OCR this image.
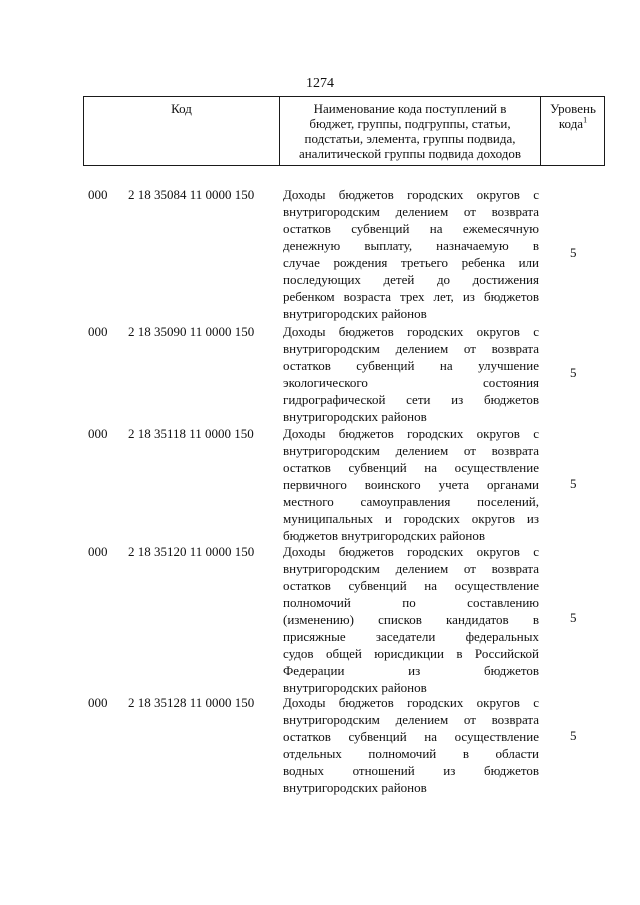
1274
Код	Наименование кода поступлений в
бюджет, группы, подгруппы, статьи,
подстатьи, элемента, группы подвида,
аналитической группы подвида доходов
Уровень
кода$^1$
000 2 18 35084 11 0000 150 Доходы бюджетов городских округов с
внутригородским делением от возврата
остатков субвенций на ежемесячную
денежную выплату, назначаемую в
случае рождения третьего ребенка или
последующих детей до достижения
ребенком возраста трех лет, из бюджетов
внутригородских районов
5
000 2 18 35090 11 0000 150 Доходы бюджетов городских округов с
внутригородским делением от возврата
остатков субвенций на улучшение
экологического состояния
гидрографической сети из бюджетов
внутригородских районов
5
000 2 18 35118 11 0000 150 Доходы бюджетов городских округов с
внутригородским делением от возврата
остатков субвенций на осуществление
первичного воинского учета органами
местного самоуправления поселений,
муниципальных и городских округов из
бюджетов внутригородских районов
5
000 2 18 35120 11 0000 150 Доходы бюджетов городских округов с
внутригородским делением от возврата
остатков субвенций на осуществление
полномочий по составлению
(изменению) списков кандидатов в
присяжные заседатели федеральных
судов общей юрисдикции в Российской
Федерации из бюджетов
внутригородских районов
5
000 2 18 35128 11 0000 150 Доходы бюджетов городских округов с
внутригородским делением от возврата
остатков субвенций на осуществление
отдельных полномочий в области
водных отношений из бюджетов
внутригородских районов
5
